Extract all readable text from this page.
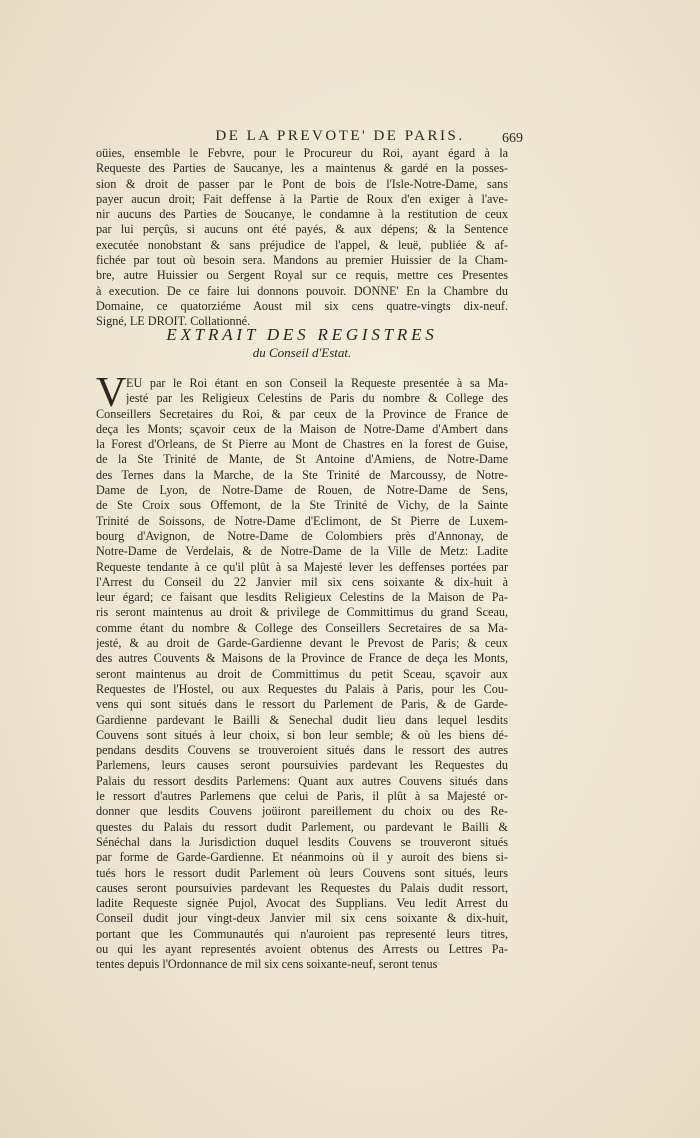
DE LA PREVOTE' DE PARIS.	669
oüies, ensemble le Febvre, pour le Procureur du Roi, ayant égard à la
Requeste des Parties de Saucanye, les a maintenus & gardé en la posses-
sion & droit de passer par le Pont de bois de l'Isle-Notre-Dame, sans
payer aucun droit; Fait deffense à la Partie de Roux d'en exiger à l'ave-
nir aucuns des Parties de Soucanye, le condamne à la restitution de ceux
par lui perçûs, si aucuns ont été payés, & aux dépens; & la Sentence
executée nonobstant & sans préjudice de l'appel, & leuë, publiée & af-
fichée par tout où besoin sera. Mandons au premier Huissier de la Cham-
bre, autre Huissier ou Sergent Royal sur ce requis, mettre ces Presentes
à execution. De ce faire lui donnons pouvoir. DONNE' En la Chambre du
Domaine, ce quatorziéme Aoust mil six cens quatre-vingts dix-neuf.
Signé, LE DROIT. Collationné.
EXTRAIT DES REGISTRES
du Conseil d'Estat.
V EU par le Roi étant en son Conseil la Requeste presentée à sa Ma-
jesté par les Religieux Celestins de Paris du nombre & College des
Conseillers Secretaires du Roi, & par ceux de la Province de France de
deça les Monts; sçavoir ceux de la Maison de Notre-Dame d'Ambert dans
la Forest d'Orleans, de St Pierre au Mont de Chastres en la forest de Guise,
de la Ste Trinité de Mante, de St Antoine d'Amiens, de Notre-Dame
des Ternes dans la Marche, de la Ste Trinité de Marcoussy, de Notre-
Dame de Lyon, de Notre-Dame de Rouen, de Notre-Dame de Sens,
de Ste Croix sous Offemont, de la Ste Trinité de Vichy, de la Sainte
Trinité de Soissons, de Notre-Dame d'Eclimont, de St Pierre de Luxem-
bourg d'Avignon, de Notre-Dame de Colombiers près d'Annonay, de
Notre-Dame de Verdelais, & de Notre-Dame de la Ville de Metz: Ladite
Requeste tendante à ce qu'il plût à sa Majesté lever les deffenses portées par
l'Arrest du Conseil du 22 Janvier mil six cens soixante & dix-huit à
leur égard; ce faisant que lesdits Religieux Celestins de la Maison de Pa-
ris seront maintenus au droit & privilege de Committimus du grand Sceau,
comme étant du nombre & College des Conseillers Secretaires de sa Ma-
jesté, & au droit de Garde-Gardienne devant le Prevost de Paris; & ceux
des autres Couvents & Maisons de la Province de France de deça les Monts,
seront maintenus au droit de Committimus du petit Sceau, sçavoir aux
Requestes de l'Hostel, ou aux Requestes du Palais à Paris, pour les Cou-
vens qui sont situés dans le ressort du Parlement de Paris, & de Garde-
Gardienne pardevant le Bailli & Senechal dudit lieu dans lequel lesdits
Couvens sont situés à leur choix, si bon leur semble; & où les biens dé-
pendans desdits Couvens se trouveroient situés dans le ressort des autres
Parlemens, leurs causes seront poursuivies pardevant les Requestes du
Palais du ressort desdits Parlemens: Quant aux autres Couvens situés dans
le ressort d'autres Parlemens que celui de Paris, il plût à sa Majesté or-
donner que lesdits Couvens joüiront pareillement du choix ou des Re-
questes du Palais du ressort dudit Parlement, ou pardevant le Bailli &
Sénéchal dans la Jurisdiction duquel lesdits Couvens se trouveront situés
par forme de Garde-Gardienne. Et néanmoins où il y auroit des biens si-
tués hors le ressort dudit Parlement où leurs Couvens sont situés, leurs
causes seront poursuivies pardevant les Requestes du Palais dudit ressort,
ladite Requeste signée Pujol, Avocat des Supplians. Veu ledit Arrest du
Conseil dudit jour vingt-deux Janvier mil six cens soixante & dix-huit,
portant que les Communautés qui n'auroient pas representé leurs titres,
ou qui les ayant representés avoient obtenus des Arrests ou Lettres Pa-
tentes depuis l'Ordonnance de mil six cens soixante-neuf, seront tenus
